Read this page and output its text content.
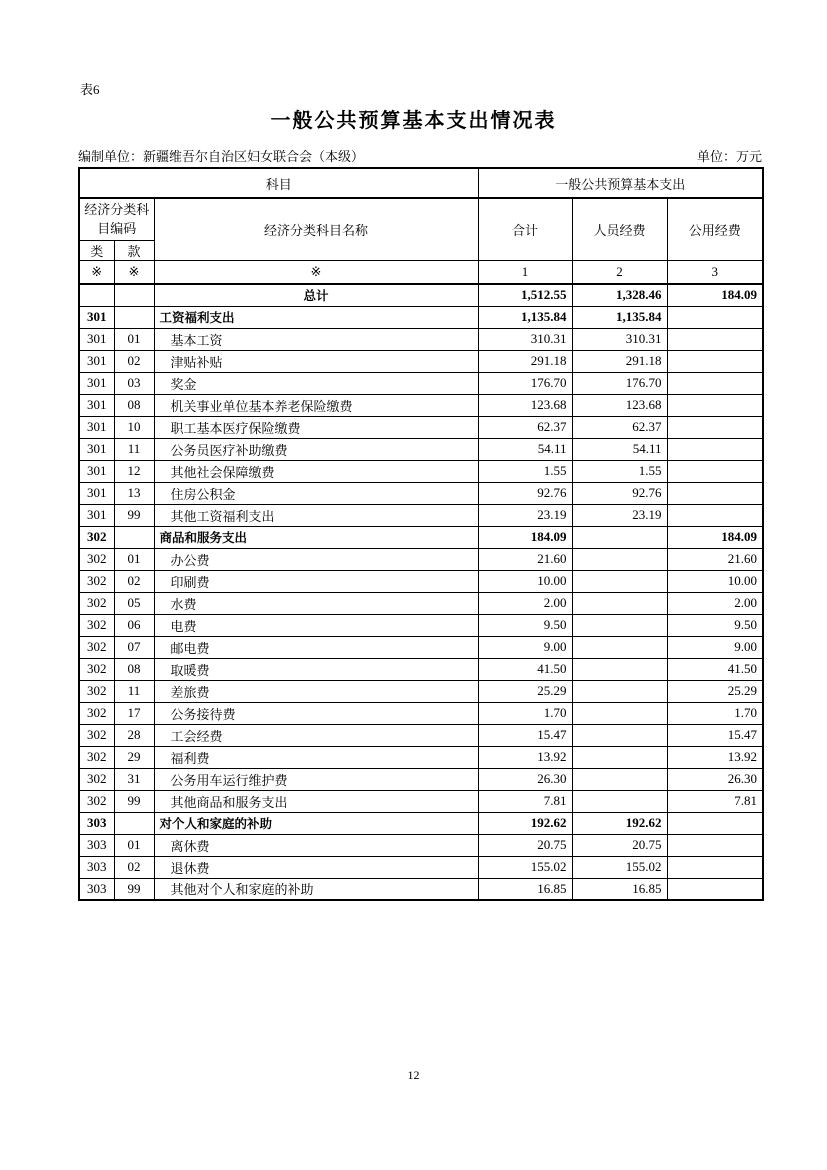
表6
一般公共预算基本支出情况表
编制单位：新疆维吾尔自治区妇女联合会（本级）	单位：万元
科目			一般公共预算基本支出		
经济分类科目编码		经济分类科目名称	合计	人员经费	公用经费
类	款				
※	※	※	1	2	3
		总计	1,512.55	1,328.46	184.09
301		工资福利支出	1,135.84	1,135.84	
301	01	基本工资	310.31	310.31	
301	02	津贴补贴	291.18	291.18	
301	03	奖金	176.70	176.70	
301	08	机关事业单位基本养老保险缴费	123.68	123.68	
301	10	职工基本医疗保险缴费	62.37	62.37	
301	11	公务员医疗补助缴费	54.11	54.11	
301	12	其他社会保障缴费	1.55	1.55	
301	13	住房公积金	92.76	92.76	
301	99	其他工资福利支出	23.19	23.19	
302		商品和服务支出	184.09		184.09
302	01	办公费	21.60		21.60
302	02	印刷费	10.00		10.00
302	05	水费	2.00		2.00
302	06	电费	9.50		9.50
302	07	邮电费	9.00		9.00
302	08	取暖费	41.50		41.50
302	11	差旅费	25.29		25.29
302	17	公务接待费	1.70		1.70
302	28	工会经费	15.47		15.47
302	29	福利费	13.92		13.92
302	31	公务用车运行维护费	26.30		26.30
302	99	其他商品和服务支出	7.81		7.81
303		对个人和家庭的补助	192.62	192.62	
303	01	离休费	20.75	20.75	
303	02	退休费	155.02	155.02	
303	99	其他对个人和家庭的补助	16.85	16.85	
12
